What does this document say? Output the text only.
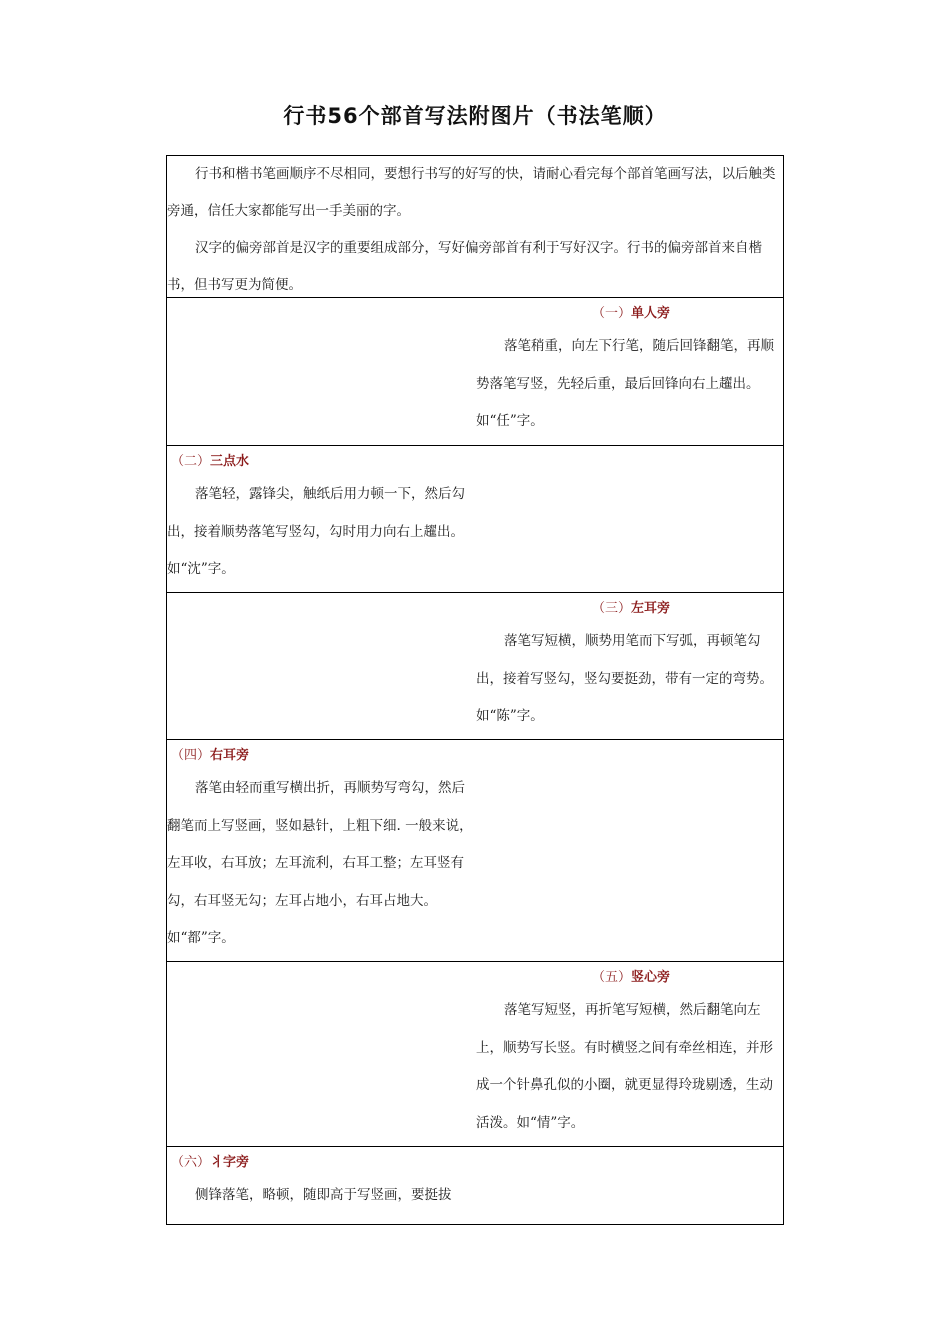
行书56个部首写法附图片（书法笔顺）

行书和楷书笔画顺序不尽相同，要想行书写的好写的快，请耐心看完每个部首笔画写法，以后触类旁通，信任大家都能写出一手美丽的字。

汉字的偏旁部首是汉字的重要组成部分，写好偏旁部首有利于写好汉字。行书的偏旁部首来自楷书，但书写更为简便。

（一）单人旁

落笔稍重，向左下行笔，随后回锋翻笔，再顺势落笔写竖，先轻后重，最后回锋向右上趯出。如“任”字。

（二）三点水

落笔轻，露锋尖，触纸后用力顿一下，然后勾出，接着顺势落笔写竖勾，勾时用力向右上趯出。如“沈”字。

（三）左耳旁

落笔写短横，顺势用笔而下写弧，再顿笔勾出，接着写竖勾，竖勾要挺劲，带有一定的弯势。如“陈”字。

（四）右耳旁

落笔由轻而重写横出折，再顺势写弯勾，然后翻笔而上写竖画，竖如悬针，上粗下细. 一般来说，左耳收，右耳放；左耳流利，右耳工整；左耳竖有勾，右耳竖无勾；左耳占地小，右耳占地大。如“都”字。

（五）竖心旁

落笔写短竖，再折笔写短横，然后翻笔向左上，顺势写长竖。有时横竖之间有牵丝相连，并形成一个针鼻孔似的小圈，就更显得玲珑剔透，生动活泼。如“情”字。

（六）丬字旁

侧锋落笔，略顿，随即高于写竖画，要挺拔
